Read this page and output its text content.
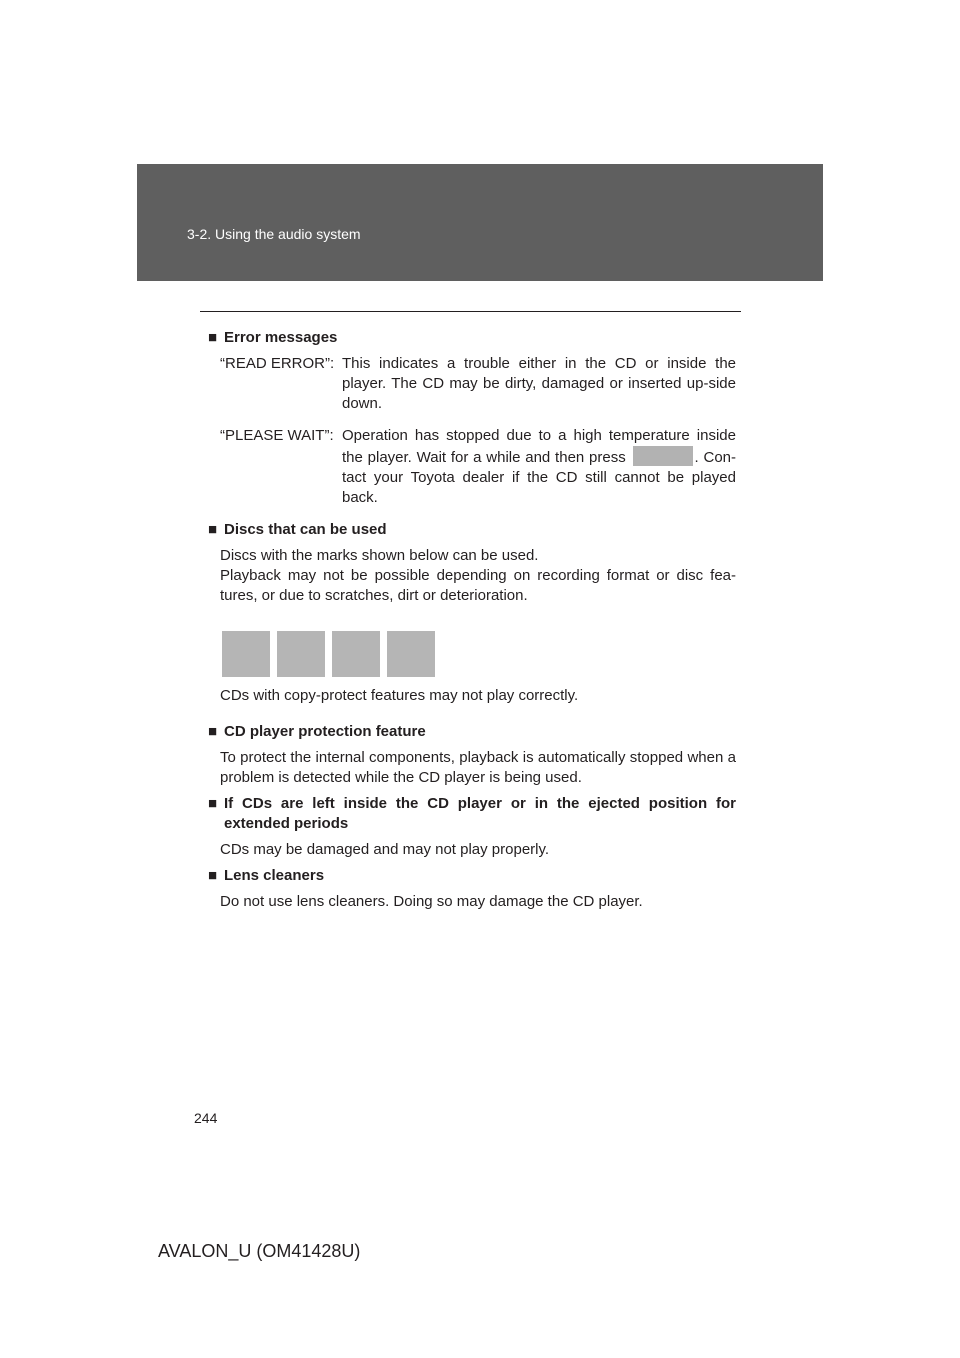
3-2. Using the audio system
■ Error messages
“READ ERROR”: This indicates a trouble either in the CD or inside the player. The CD may be dirty, damaged or inserted up-side down.
“PLEASE WAIT”: Operation has stopped due to a high temperature inside the player. Wait for a while and then press	. Con-tact your Toyota dealer if the CD still cannot be played back.
■ Discs that can be used
Discs with the marks shown below can be used.
Playback may not be possible depending on recording format or disc fea-tures, or due to scratches, dirt or deterioration.
CDs with copy-protect features may not play correctly.
■ CD player protection feature
To protect the internal components, playback is automatically stopped when a problem is detected while the CD player is being used.
■ If CDs are left inside the CD player or in the ejected position for extended periods
CDs may be damaged and may not play properly.
■ Lens cleaners
Do not use lens cleaners. Doing so may damage the CD player.
244
AVALON_U (OM41428U)
